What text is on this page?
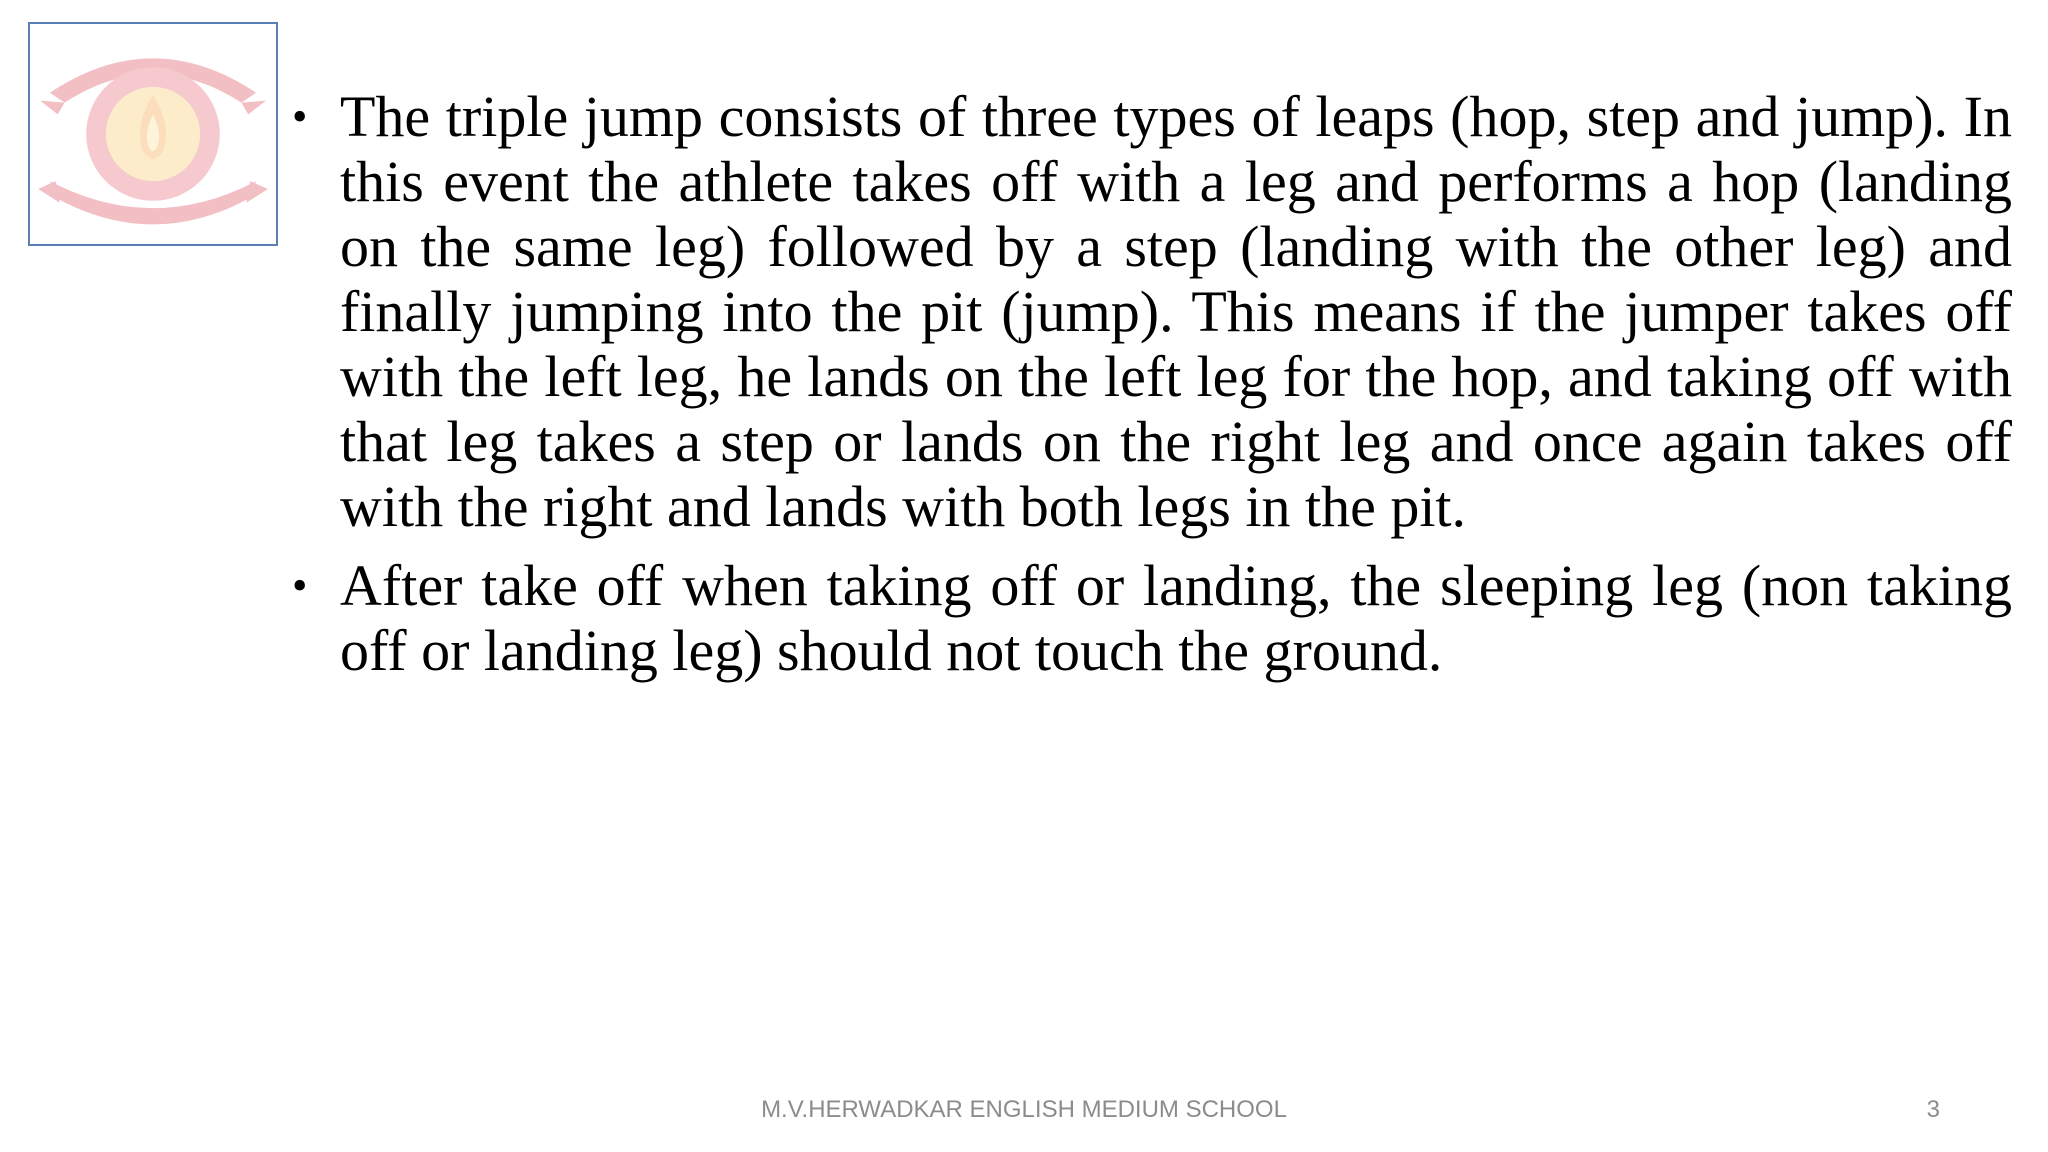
• The triple jump consists of three types of leaps (hop, step and jump). In this event the athlete takes off with a leg and performs a hop (landing on the same leg) followed by a step (landing with the other leg) and finally jumping into the pit (jump). This means if the jumper takes off with the left leg, he lands on the left leg for the hop, and taking off with that leg takes a step or lands on the right leg and once again takes off with the right and lands with both legs in the pit.

• After take off when taking off or landing, the sleeping leg (non taking off or landing leg) should not touch the ground.

M.V.HERWADKAR ENGLISH MEDIUM SCHOOL	3
